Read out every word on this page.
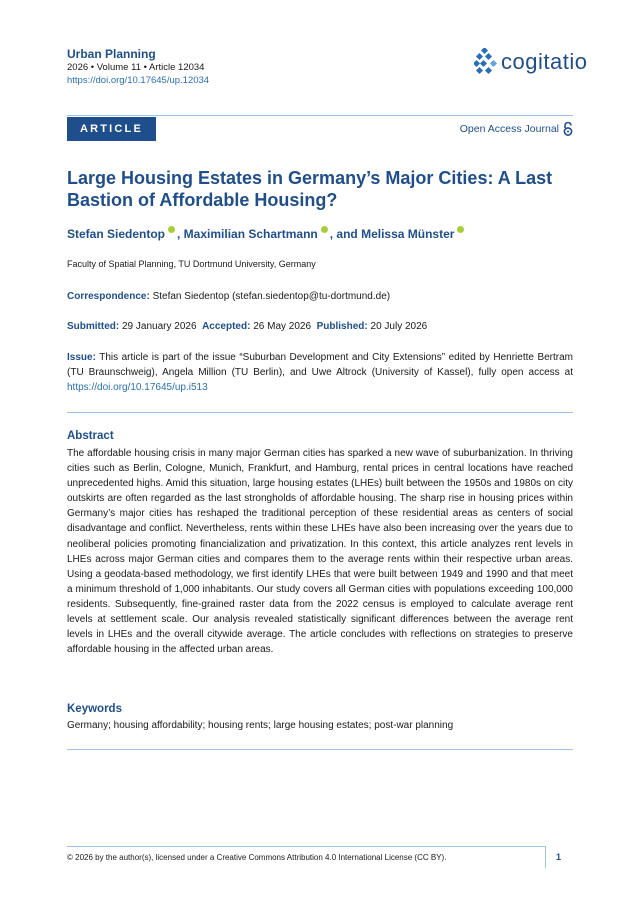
Urban Planning
2026 • Volume 11 • Article 12034
https://doi.org/10.17645/up.12034
cogitatio
ARTICLE	Open Access Journal
Large Housing Estates in Germany’s Major Cities: A Last Bastion of Affordable Housing?
Stefan Siedentop , Maximilian Schartmann , and Melissa Münster
Faculty of Spatial Planning, TU Dortmund University, Germany
Correspondence: Stefan Siedentop (stefan.siedentop@tu-dortmund.de)
Submitted: 29 January 2026 Accepted: 26 May 2026 Published: 20 July 2026
Issue: This article is part of the issue “Suburban Development and City Extensions” edited by Henriette Bertram (TU Braunschweig), Angela Million (TU Berlin), and Uwe Altrock (University of Kassel), fully open access at https://doi.org/10.17645/up.i513
Abstract
The affordable housing crisis in many major German cities has sparked a new wave of suburbanization. In thriving cities such as Berlin, Cologne, Munich, Frankfurt, and Hamburg, rental prices in central locations have reached unprecedented highs. Amid this situation, large housing estates (LHEs) built between the 1950s and 1980s on city outskirts are often regarded as the last strongholds of affordable housing. The sharp rise in housing prices within Germany’s major cities has reshaped the traditional perception of these residential areas as centers of social disadvantage and conflict. Nevertheless, rents within these LHEs have also been increasing over the years due to neoliberal policies promoting financialization and privatization. In this context, this article analyzes rent levels in LHEs across major German cities and compares them to the average rents within their respective urban areas. Using a geodata-based methodology, we first identify LHEs that were built between 1949 and 1990 and that meet a minimum threshold of 1,000 inhabitants. Our study covers all German cities with populations exceeding 100,000 residents. Subsequently, fine-grained raster data from the 2022 census is employed to calculate average rent levels at settlement scale. Our analysis revealed statistically significant differences between the average rent levels in LHEs and the overall citywide average. The article concludes with reflections on strategies to preserve affordable housing in the affected urban areas.
Keywords
Germany; housing affordability; housing rents; large housing estates; post-war planning
© 2026 by the author(s), licensed under a Creative Commons Attribution 4.0 International License (CC BY).	1
